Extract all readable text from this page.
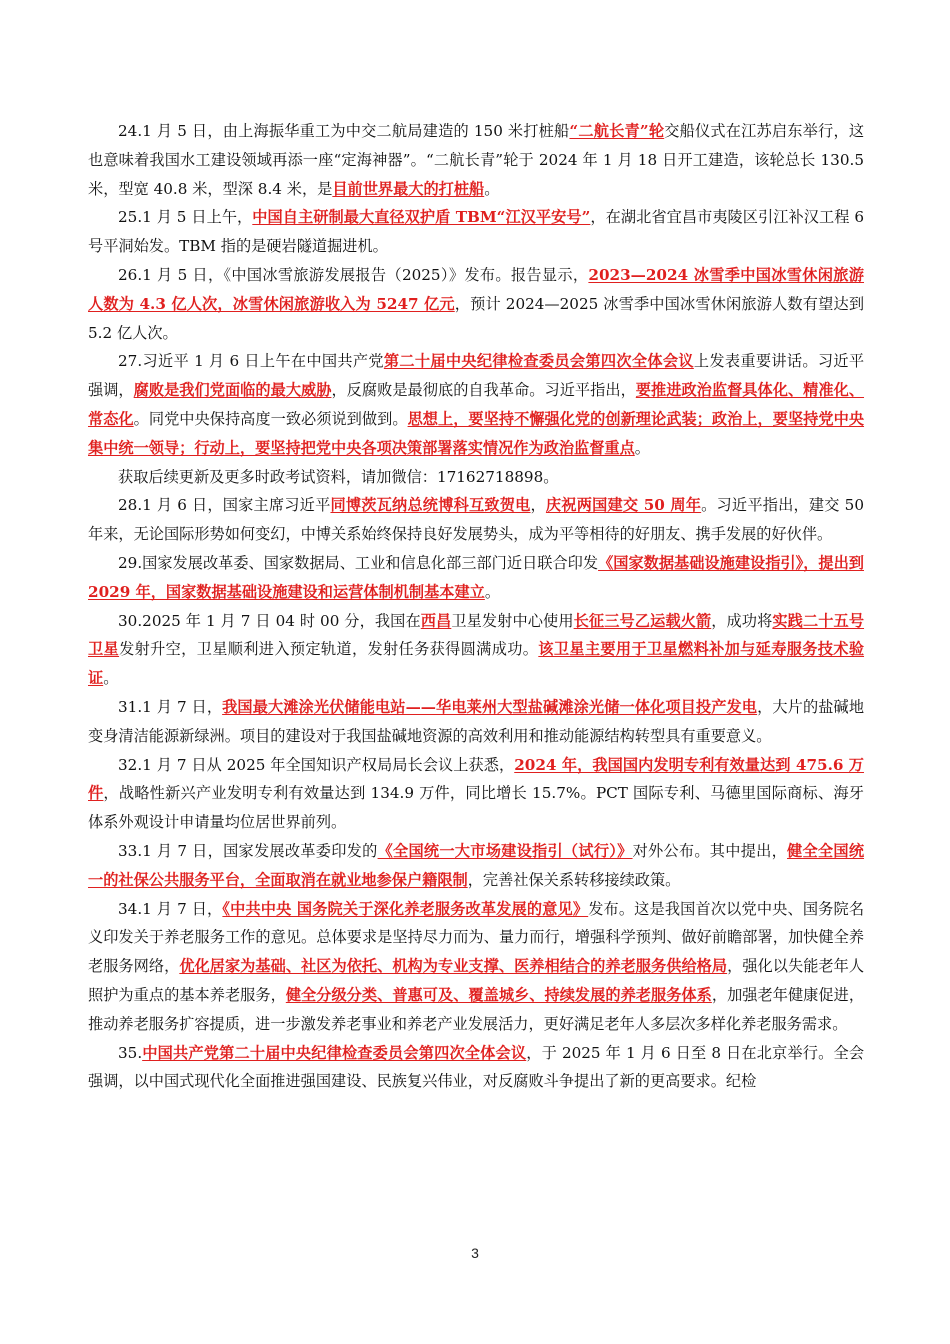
24.1 月 5 日，由上海振华重工为中交二航局建造的 150 米打桩船“二航长青”轮交船仪式在江苏启东举行，这也意味着我国水工建设领域再添一座“定海神器”。“二航长青”轮于 2024 年 1 月 18 日开工建造，该轮总长 130.5 米，型宽 40.8 米，型深 8.4 米，是目前世界最大的打桩船。

25.1 月 5 日上午，中国自主研制最大直径双护盾 TBM“江汉平安号”，在湖北省宜昌市夷陵区引江补汉工程 6 号平洞始发。TBM 指的是硬岩隧道掘进机。

26.1 月 5 日，《中国冰雪旅游发展报告（2025）》发布。报告显示，2023—2024 冰雪季中国冰雪休闲旅游人数为 4.3 亿人次，冰雪休闲旅游收入为 5247 亿元，预计 2024—2025 冰雪季中国冰雪休闲旅游人数有望达到 5.2 亿人次。

27.习近平 1 月 6 日上午在中国共产党第二十届中央纪律检查委员会第四次全体会议上发表重要讲话。习近平强调，腐败是我们党面临的最大威胁，反腐败是最彻底的自我革命。习近平指出，要推进政治监督具体化、精准化、常态化。同党中央保持高度一致必须说到做到。思想上，要坚持不懈强化党的创新理论武装；政治上，要坚持党中央集中统一领导；行动上，要坚持把党中央各项决策部署落实情况作为政治监督重点。

获取后续更新及更多时政考试资料，请加微信：17162718898。

28.1 月 6 日，国家主席习近平同博茨瓦纳总统博科互致贺电，庆祝两国建交 50 周年。习近平指出，建交 50 年来，无论国际形势如何变幻，中博关系始终保持良好发展势头，成为平等相待的好朋友、携手发展的好伙伴。

29.国家发展改革委、国家数据局、工业和信息化部三部门近日联合印发《国家数据基础设施建设指引》，提出到 2029 年，国家数据基础设施建设和运营体制机制基本建立。

30.2025 年 1 月 7 日 04 时 00 分，我国在西昌卫星发射中心使用长征三号乙运载火箭，成功将实践二十五号卫星发射升空，卫星顺利进入预定轨道，发射任务获得圆满成功。该卫星主要用于卫星燃料补加与延寿服务技术验证。

31.1 月 7 日，我国最大滩涂光伏储能电站——华电莱州大型盐碱滩涂光储一体化项目投产发电，大片的盐碱地变身清洁能源新绿洲。项目的建设对于我国盐碱地资源的高效利用和推动能源结构转型具有重要意义。

32.1 月 7 日从 2025 年全国知识产权局局长会议上获悉，2024 年，我国国内发明专利有效量达到 475.6 万件，战略性新兴产业发明专利有效量达到 134.9 万件，同比增长 15.7%。PCT 国际专利、马德里国际商标、海牙体系外观设计申请量均位居世界前列。

33.1 月 7 日，国家发展改革委印发的《全国统一大市场建设指引（试行）》对外公布。其中提出，健全全国统一的社保公共服务平台，全面取消在就业地参保户籍限制，完善社保关系转移接续政策。

34.1 月 7 日，《中共中央 国务院关于深化养老服务改革发展的意见》发布。这是我国首次以党中央、国务院名义印发关于养老服务工作的意见。总体要求是坚持尽力而为、量力而行，增强科学预判、做好前瞻部署，加快健全养老服务网络，优化居家为基础、社区为依托、机构为专业支撑、医养相结合的养老服务供给格局，强化以失能老年人照护为重点的基本养老服务，健全分级分类、普惠可及、覆盖城乡、持续发展的养老服务体系，加强老年健康促进，推动养老服务扩容提质，进一步激发养老事业和养老产业发展活力，更好满足老年人多层次多样化养老服务需求。

35.中国共产党第二十届中央纪律检查委员会第四次全体会议，于 2025 年 1 月 6 日至 8 日在北京举行。全会强调，以中国式现代化全面推进强国建设、民族复兴伟业，对反腐败斗争提出了新的更高要求。纪检

3
